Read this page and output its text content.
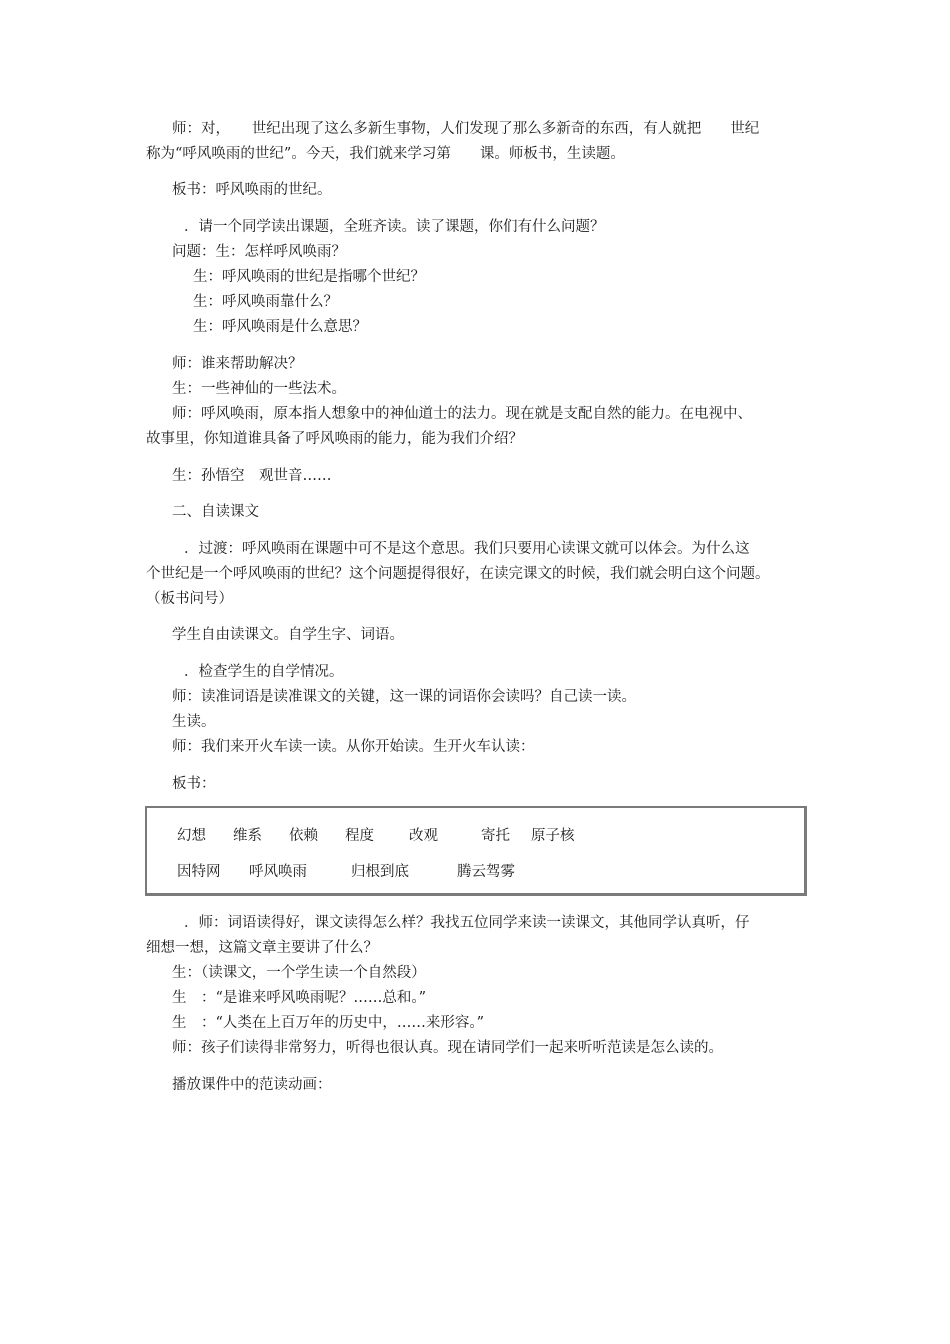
师：对，　　世纪出现了这么多新生事物，人们发现了那么多新奇的东西，有人就把　　世纪
称为“呼风唤雨的世纪”。今天，我们就来学习第　　课。师板书，生读题。
板书：呼风唤雨的世纪。
．请一个同学读出课题，全班齐读。读了课题，你们有什么问题？
问题：生：怎样呼风唤雨？
生：呼风唤雨的世纪是指哪个世纪？
生：呼风唤雨靠什么？
生：呼风唤雨是什么意思？
师：谁来帮助解决？
生：一些神仙的一些法术。
师：呼风唤雨，原本指人想象中的神仙道士的法力。现在就是支配自然的能力。在电视中、
故事里，你知道谁具备了呼风唤雨的能力，能为我们介绍？
生：孙悟空　观世音……
二、自读课文
．过渡：呼风唤雨在课题中可不是这个意思。我们只要用心读课文就可以体会。为什么这
个世纪是一个呼风唤雨的世纪？这个问题提得很好，在读完课文的时候，我们就会明白这个问题。
（板书问号）
学生自由读课文。自学生字、词语。
．检查学生的自学情况。
师：读准词语是读准课文的关键，这一课的词语你会读吗？自己读一读。
生读。
师：我们来开火车读一读。从你开始读。生开火车认读：
板书：
幻想 维系 依赖 程度 改观	寄托 原子核
因特网 呼风唤雨	归根到底	腾云驾雾
．师：词语读得好，课文读得怎么样？我找五位同学来读一读课文，其他同学认真听，仔
细想一想，这篇文章主要讲了什么？
生：（读课文，一个学生读一个自然段）
生　：“是谁来呼风唤雨呢？……总和。”
生　：“人类在上百万年的历史中，……来形容。”
师：孩子们读得非常努力，听得也很认真。现在请同学们一起来听听范读是怎么读的。
播放课件中的范读动画：
